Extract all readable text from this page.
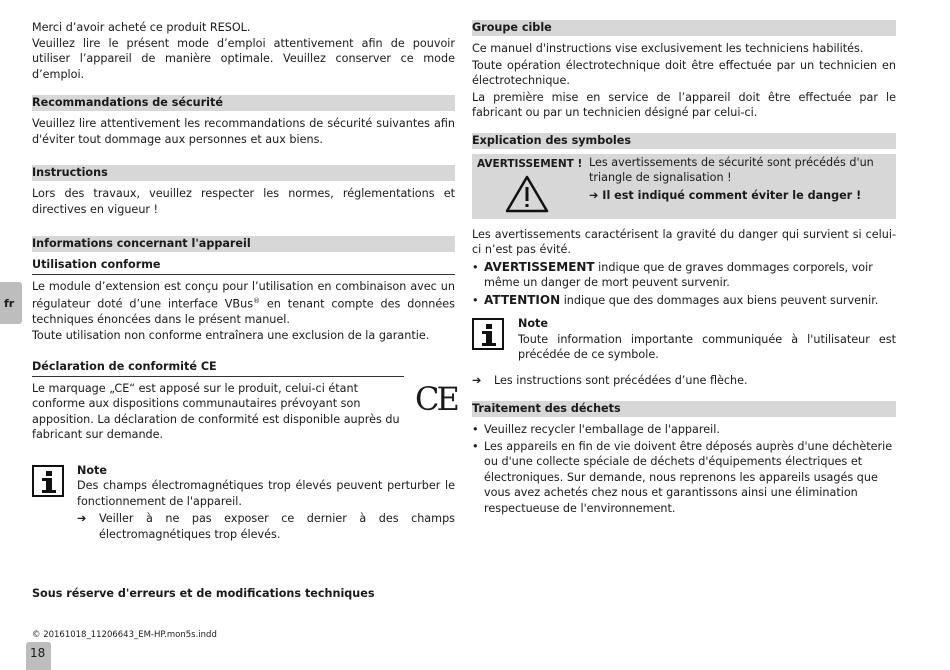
fr

Merci d’avoir acheté ce produit RESOL.

Veuillez lire le présent mode d’emploi attentivement afin de pouvoir utiliser l’appareil de manière optimale. Veuillez conserver ce mode d’emploi.

Recommandations de sécurité

Veuillez lire attentivement les recommandations de sécurité suivantes afin d'éviter tout dommage aux personnes et aux biens.

Instructions

Lors des travaux, veuillez respecter les normes, réglementations et directives en vigueur !

Informations concernant l'appareil
Utilisation conforme

Le module d’extension est conçu pour l’utilisation en combinaison avec un régulateur doté d’une interface VBus® en tenant compte des données techniques énoncées dans le présent manuel.

Toute utilisation non conforme entraînera une exclusion de la garantie.

Déclaration de conformité CE

Le marquage „CE“ est apposé sur le produit, celui-ci étant conforme aux dispositions communautaires prévoyant son apposition. La déclaration de conformité est disponible auprès du fabricant sur demande.

CE
Note

Des champs électromagnétiques trop élevés peuvent perturber le fonctionnement de l'appareil.

➔ Veiller à ne pas exposer ce dernier à des champs électromagnétiques trop élevés.

Sous réserve d'erreurs et de modifications techniques
Groupe cible

Ce manuel d'instructions vise exclusivement les techniciens habilités.

Toute opération électrotechnique doit être effectuée par un technicien en électrotechnique.

La première mise en service de l’appareil doit être effectuée par le fabricant ou par un technicien désigné par celui-ci.

Explication des symboles
AVERTISSEMENT ! Les avertissements de sécurité sont précédés d'un triangle de signalisation !

➔ Il est indiqué comment éviter le danger !

Les avertissements caractérisent la gravité du danger qui survient si celui-ci n’est pas évité.

• AVERTISSEMENT indique que de graves dommages corporels, voir même un danger de mort peuvent survenir.
• ATTENTION indique que des dommages aux biens peuvent survenir.
Note

Toute information importante communiquée à l'utilisateur est précédée de ce symbole.

➔ Les instructions sont précédées d’une flèche.
Traitement des déchets
• Veuillez recycler l'emballage de l'appareil.
• Les appareils en fin de vie doivent être déposés auprès d'une déchèterie ou d'une collecte spéciale de déchets d'équipements électriques et électroniques. Sur demande, nous reprenons les appareils usagés que vous avez achetés chez nous et garantissons ainsi une élimination respectueuse de l'environnement.

© 20161018_11206643_EM-HP.mon5s.indd
18
